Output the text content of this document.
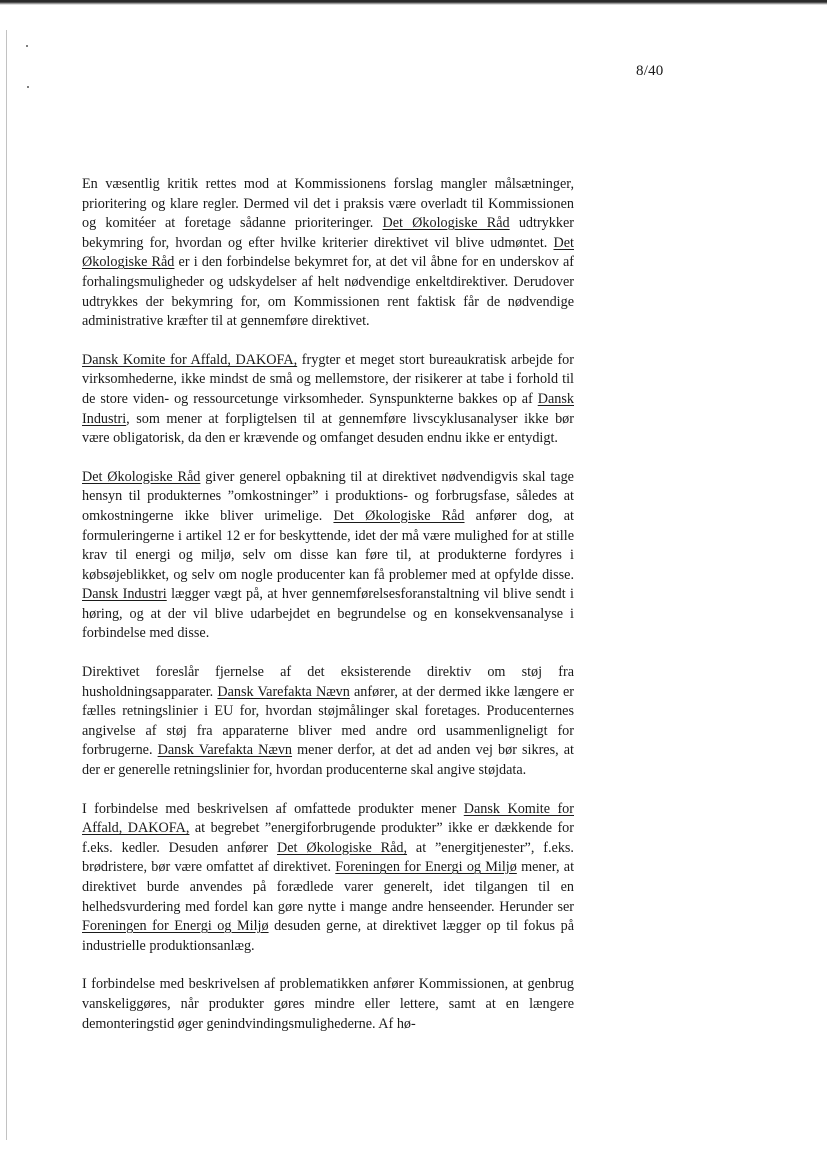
8/40

En væsentlig kritik rettes mod at Kommissionens forslag mangler målsætninger, prioritering og klare regler. Dermed vil det i praksis være overladt til Kommissionen og komitéer at foretage sådanne prioriteringer. Det Økologiske Råd udtrykker bekymring for, hvordan og efter hvilke kriterier direktivet vil blive udmøntet. Det Økologiske Råd er i den forbindelse bekymret for, at det vil åbne for en underskov af forhalingsmuligheder og udskydelser af helt nødvendige enkeltdirektiver. Derudover udtrykkes der bekymring for, om Kommissionen rent faktisk får de nødvendige administrative kræfter til at gennemføre direktivet.

Dansk Komite for Affald, DAKOFA, frygter et meget stort bureaukratisk arbejde for virksomhederne, ikke mindst de små og mellemstore, der risikerer at tabe i forhold til de store viden- og ressourcetunge virksomheder. Synspunkterne bakkes op af Dansk Industri, som mener at forpligtelsen til at gennemføre livscyklusanalyser ikke bør være obligatorisk, da den er krævende og omfanget desuden endnu ikke er entydigt.

Det Økologiske Råd giver generel opbakning til at direktivet nødvendigvis skal tage hensyn til produkternes ”omkostninger” i produktions- og forbrugsfase, således at omkostningerne ikke bliver urimelige. Det Økologiske Råd anfører dog, at formuleringerne i artikel 12 er for beskyttende, idet der må være mulighed for at stille krav til energi og miljø, selv om disse kan føre til, at produkterne fordyres i købsøjeblikket, og selv om nogle producenter kan få problemer med at opfylde disse. Dansk Industri lægger vægt på, at hver gennemførelsesforanstaltning vil blive sendt i høring, og at der vil blive udarbejdet en begrundelse og en konsekvensanalyse i forbindelse med disse.

Direktivet foreslår fjernelse af det eksisterende direktiv om støj fra husholdningsapparater. Dansk Varefakta Nævn anfører, at der dermed ikke længere er fælles retningslinier i EU for, hvordan støjmålinger skal foretages. Producenternes angivelse af støj fra apparaterne bliver med andre ord usammenligneligt for forbrugerne. Dansk Varefakta Nævn mener derfor, at det ad anden vej bør sikres, at der er generelle retningslinier for, hvordan producenterne skal angive støjdata.

I forbindelse med beskrivelsen af omfattede produkter mener Dansk Komite for Affald, DAKOFA, at begrebet ”energiforbrugende produkter” ikke er dækkende for f.eks. kedler. Desuden anfører Det Økologiske Råd, at ”energitjenester”, f.eks. brødristere, bør være omfattet af direktivet. Foreningen for Energi og Miljø mener, at direktivet burde anvendes på forædlede varer generelt, idet tilgangen til en helhedsvurdering med fordel kan gøre nytte i mange andre henseender. Herunder ser Foreningen for Energi og Miljø desuden gerne, at direktivet lægger op til fokus på industrielle produktionsanlæg.

I forbindelse med beskrivelsen af problematikken anfører Kommissionen, at genbrug vanskeliggøres, når produkter gøres mindre eller lettere, samt at en længere demonteringstid øger genindvindingsmulighederne. Af hø-
